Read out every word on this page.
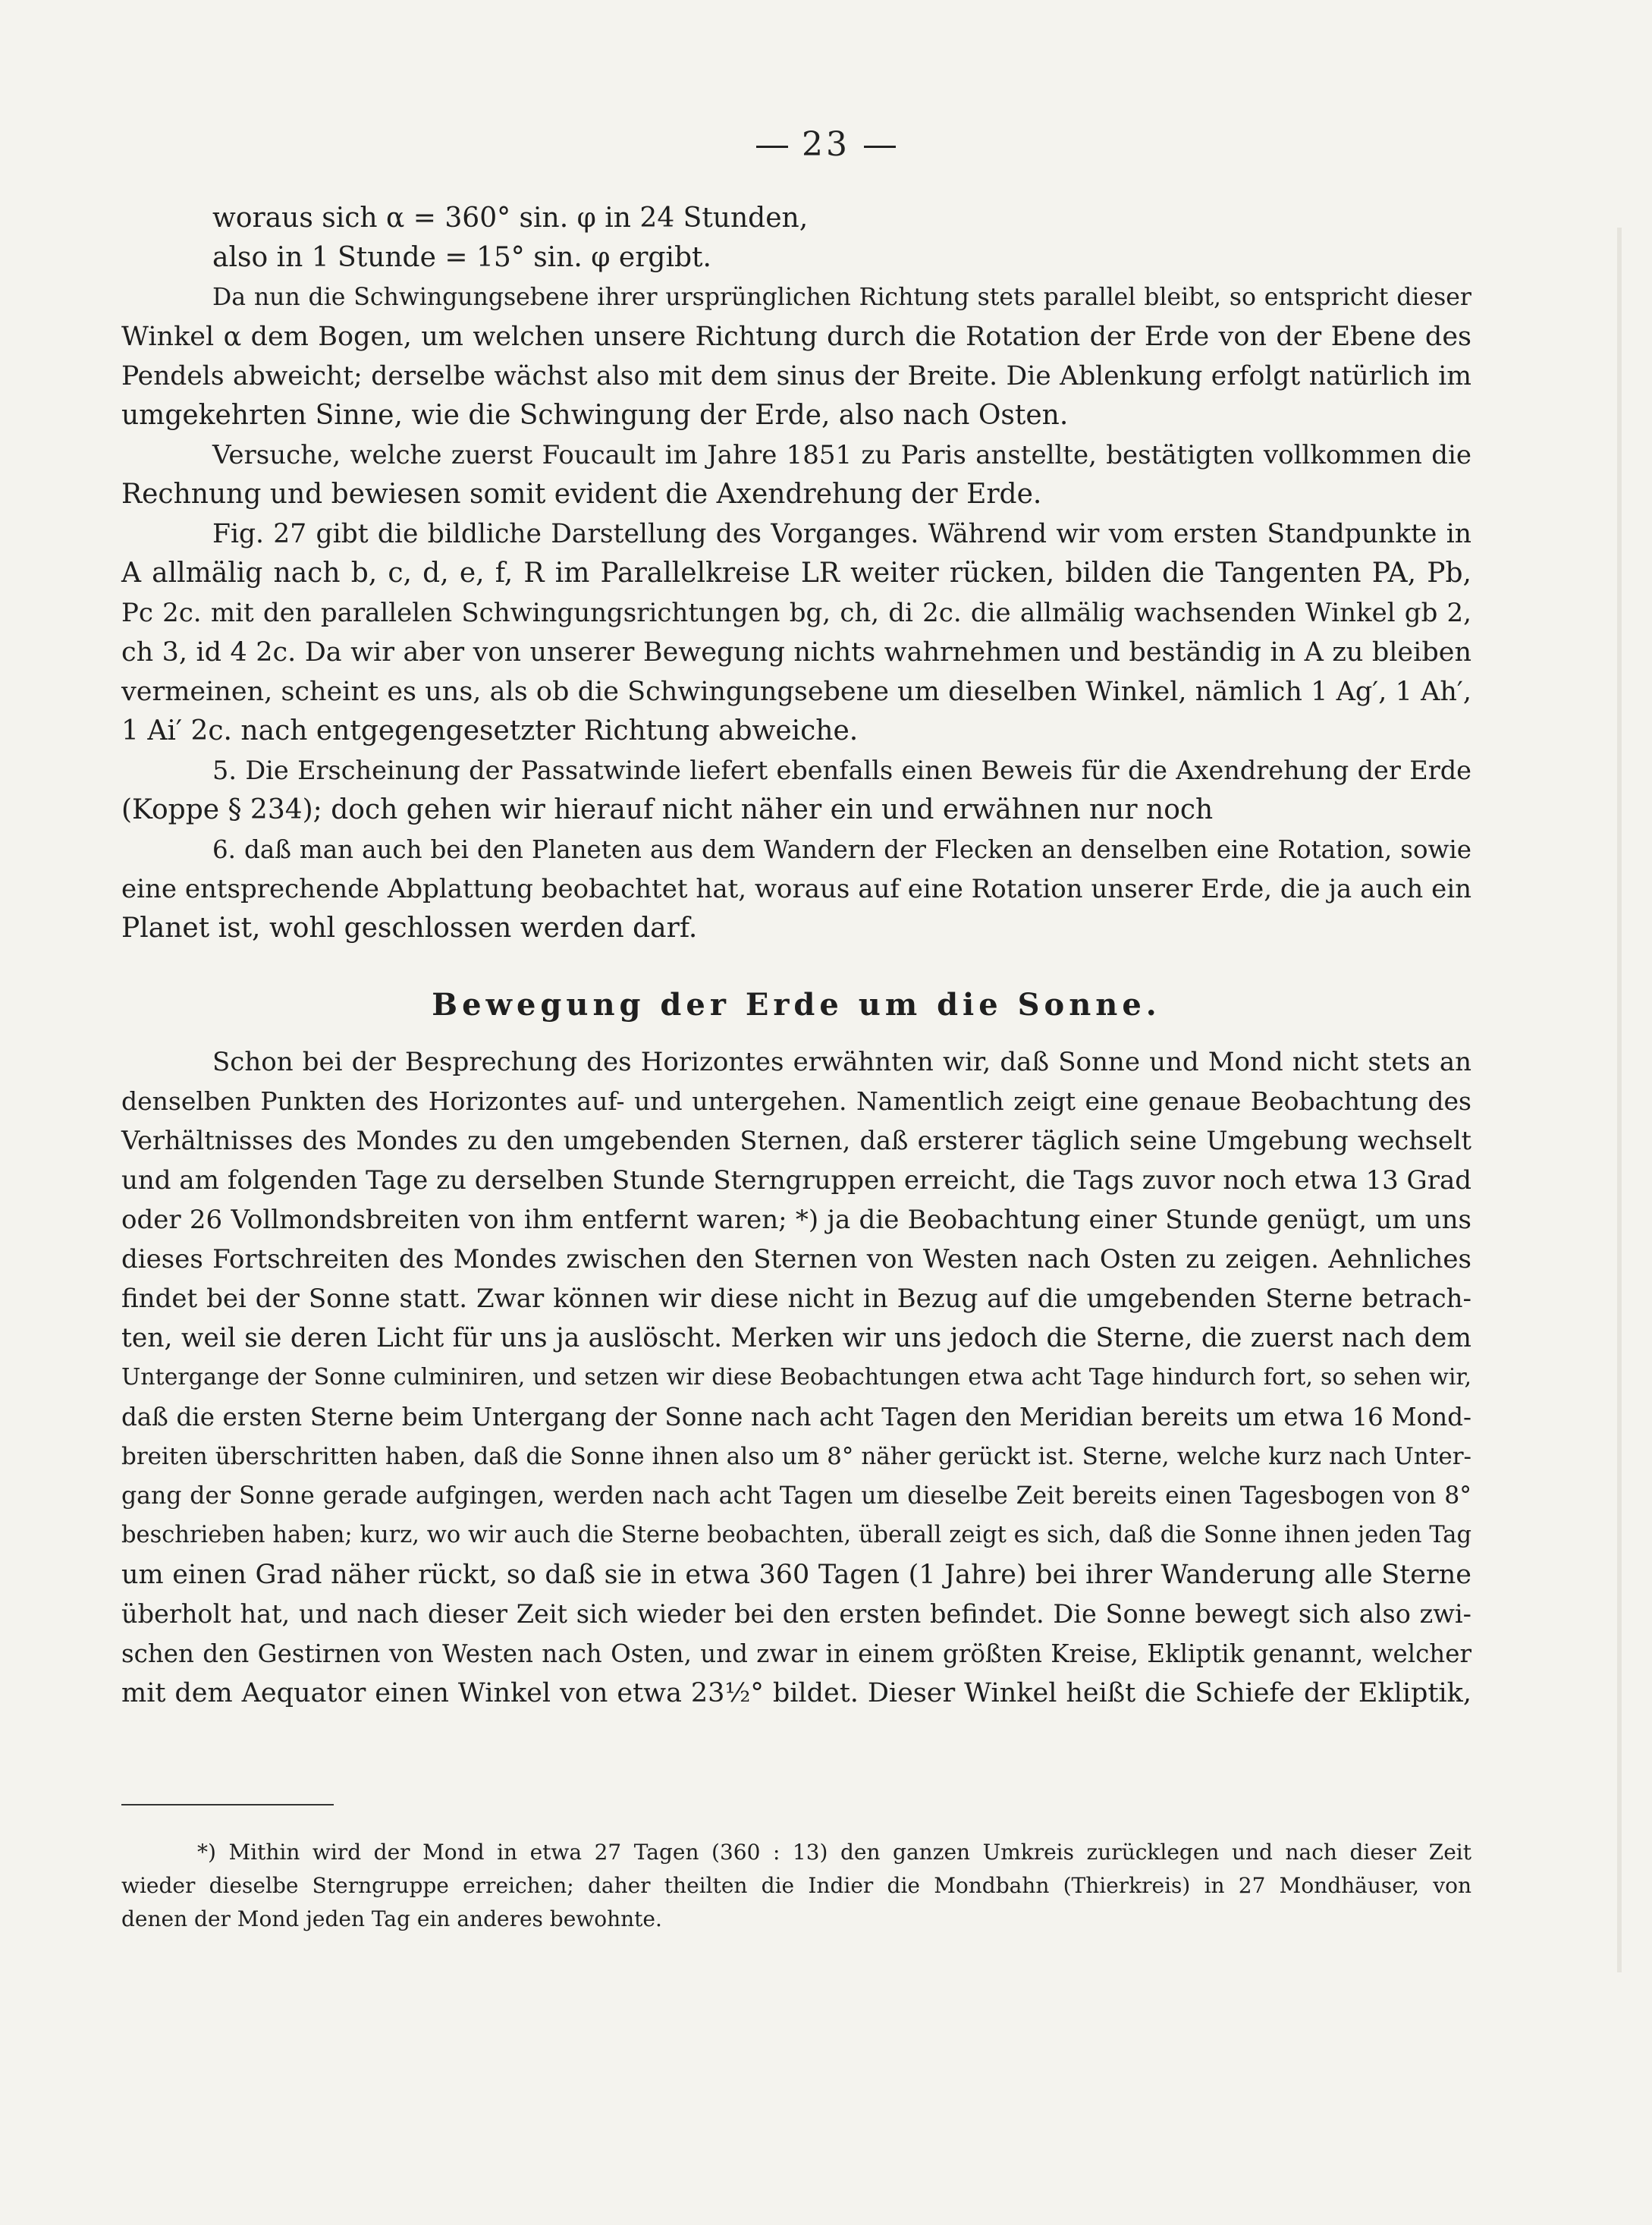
23
woraus sich α = 360° sin. φ in 24 Stunden,
also in 1 Stunde = 15° sin. φ ergibt.
Da nun die Schwingungsebene ihrer ursprünglichen Richtung stets parallel bleibt, so entspricht dieser
Winkel α dem Bogen, um welchen unsere Richtung durch die Rotation der Erde von der Ebene des
Pendels abweicht; derselbe wächst also mit dem sinus der Breite. Die Ablenkung erfolgt natürlich im
umgekehrten Sinne, wie die Schwingung der Erde, also nach Osten.
Versuche, welche zuerst Foucault im Jahre 1851 zu Paris anstellte, bestätigten vollkommen die
Rechnung und bewiesen somit evident die Axendrehung der Erde.
Fig. 27 gibt die bildliche Darstellung des Vorganges. Während wir vom ersten Standpunkte in
A allmälig nach b, c, d, e, f, R im Parallelkreise LR weiter rücken, bilden die Tangenten PA, Pb,
Pc 2c. mit den parallelen Schwingungsrichtungen bg, ch, di 2c. die allmälig wachsenden Winkel gb 2,
ch 3, id 4 2c. Da wir aber von unserer Bewegung nichts wahrnehmen und beständig in A zu bleiben
vermeinen, scheint es uns, als ob die Schwingungsebene um dieselben Winkel, nämlich 1 Ag′, 1 Ah′,
1 Ai′ 2c. nach entgegengesetzter Richtung abweiche.
5. Die Erscheinung der Passatwinde liefert ebenfalls einen Beweis für die Axendrehung der Erde
(Koppe § 234); doch gehen wir hierauf nicht näher ein und erwähnen nur noch
6. daß man auch bei den Planeten aus dem Wandern der Flecken an denselben eine Rotation, sowie
eine entsprechende Abplattung beobachtet hat, woraus auf eine Rotation unserer Erde, die ja auch ein
Planet ist, wohl geschlossen werden darf.
Bewegung der Erde um die Sonne.
Schon bei der Besprechung des Horizontes erwähnten wir, daß Sonne und Mond nicht stets an
denselben Punkten des Horizontes auf- und untergehen. Namentlich zeigt eine genaue Beobachtung des
Verhältnisses des Mondes zu den umgebenden Sternen, daß ersterer täglich seine Umgebung wechselt
und am folgenden Tage zu derselben Stunde Sterngruppen erreicht, die Tags zuvor noch etwa 13 Grad
oder 26 Vollmondsbreiten von ihm entfernt waren; *) ja die Beobachtung einer Stunde genügt, um uns
dieses Fortschreiten des Mondes zwischen den Sternen von Westen nach Osten zu zeigen. Aehnliches
findet bei der Sonne statt. Zwar können wir diese nicht in Bezug auf die umgebenden Sterne betrach-
ten, weil sie deren Licht für uns ja auslöscht. Merken wir uns jedoch die Sterne, die zuerst nach dem
Untergange der Sonne culminiren, und setzen wir diese Beobachtungen etwa acht Tage hindurch fort, so sehen wir,
daß die ersten Sterne beim Untergang der Sonne nach acht Tagen den Meridian bereits um etwa 16 Mond-
breiten überschritten haben, daß die Sonne ihnen also um 8° näher gerückt ist. Sterne, welche kurz nach Unter-
gang der Sonne gerade aufgingen, werden nach acht Tagen um dieselbe Zeit bereits einen Tagesbogen von 8°
beschrieben haben; kurz, wo wir auch die Sterne beobachten, überall zeigt es sich, daß die Sonne ihnen jeden Tag
um einen Grad näher rückt, so daß sie in etwa 360 Tagen (1 Jahre) bei ihrer Wanderung alle Sterne
überholt hat, und nach dieser Zeit sich wieder bei den ersten befindet. Die Sonne bewegt sich also zwi-
schen den Gestirnen von Westen nach Osten, und zwar in einem größten Kreise, Ekliptik genannt, welcher
mit dem Aequator einen Winkel von etwa 23½° bildet. Dieser Winkel heißt die Schiefe der Ekliptik,
*) Mithin wird der Mond in etwa 27 Tagen (360 : 13) den ganzen Umkreis zurücklegen und nach dieser Zeit
wieder dieselbe Sterngruppe erreichen; daher theilten die Indier die Mondbahn (Thierkreis) in 27 Mondhäuser, von
denen der Mond jeden Tag ein anderes bewohnte.
